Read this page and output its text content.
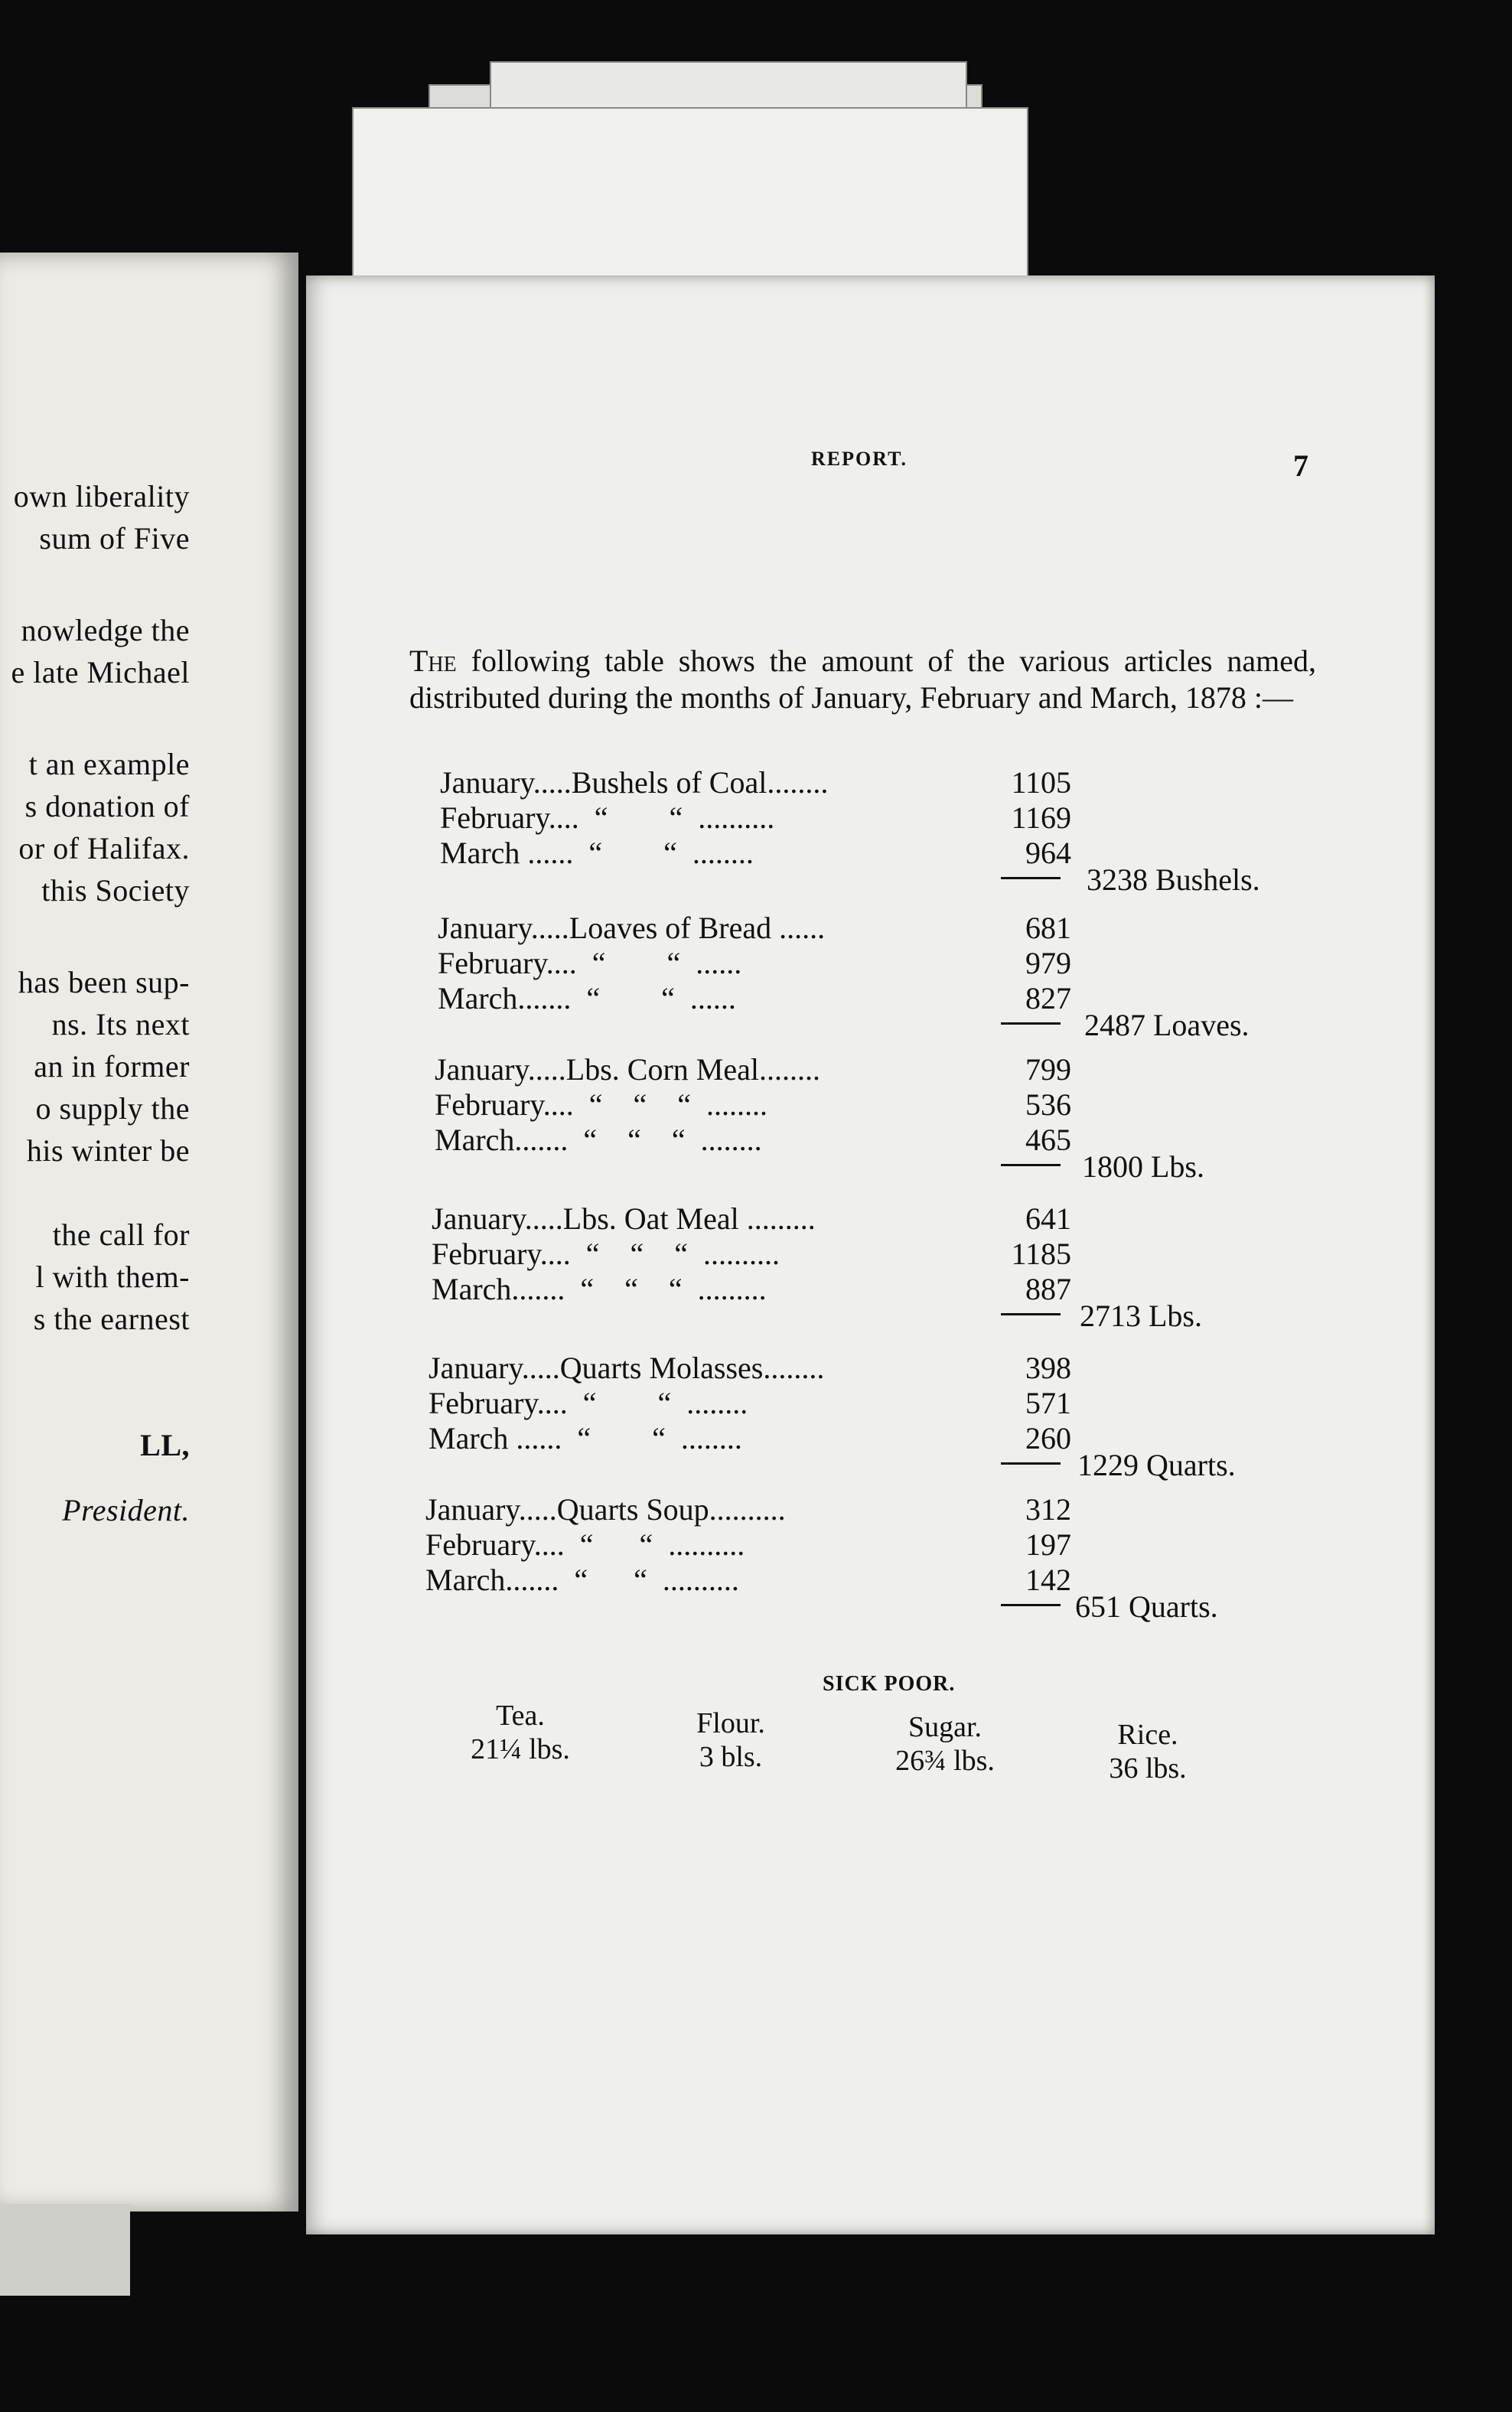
own liberality
sum of Five
nowledge the
e late Michael
t an example
s donation of
or of Halifax.
this Society
has been sup-
ns. Its next
an in former
o supply the
his winter be
the call for
l with them-
s the earnest
LL,
President.
REPORT.	7
The following table shows the amount of the various articles named, distributed during the months of January, February and March, 1878 :—
January.....Bushels of Coal........	1105
February....  “        “  ..........	1169
March ......  “        “  ........	964
3238 Bushels.
January.....Loaves of Bread ......	681
February....  “        “  ......	979
March.......  “        “  ......	827
2487 Loaves.
January.....Lbs. Corn Meal........	799
February....  “    “    “  ........	536
March.......  “    “    “  ........	465
1800 Lbs.
January.....Lbs. Oat Meal .........	641
February....  “    “    “  ..........	1185
March.......  “    “    “  .........	887
2713 Lbs.
January.....Quarts Molasses........	398
February....  “        “  ........	571
March ......  “        “  ........	260
1229 Quarts.
January.....Quarts Soup..........	312
February....  “      “  ..........	197
March.......  “      “  ..........	142
651 Quarts.
SICK POOR.
Tea.
21¼ lbs.
Flour.
3 bls.
Sugar.
26¾ lbs.
Rice.
36 lbs.
